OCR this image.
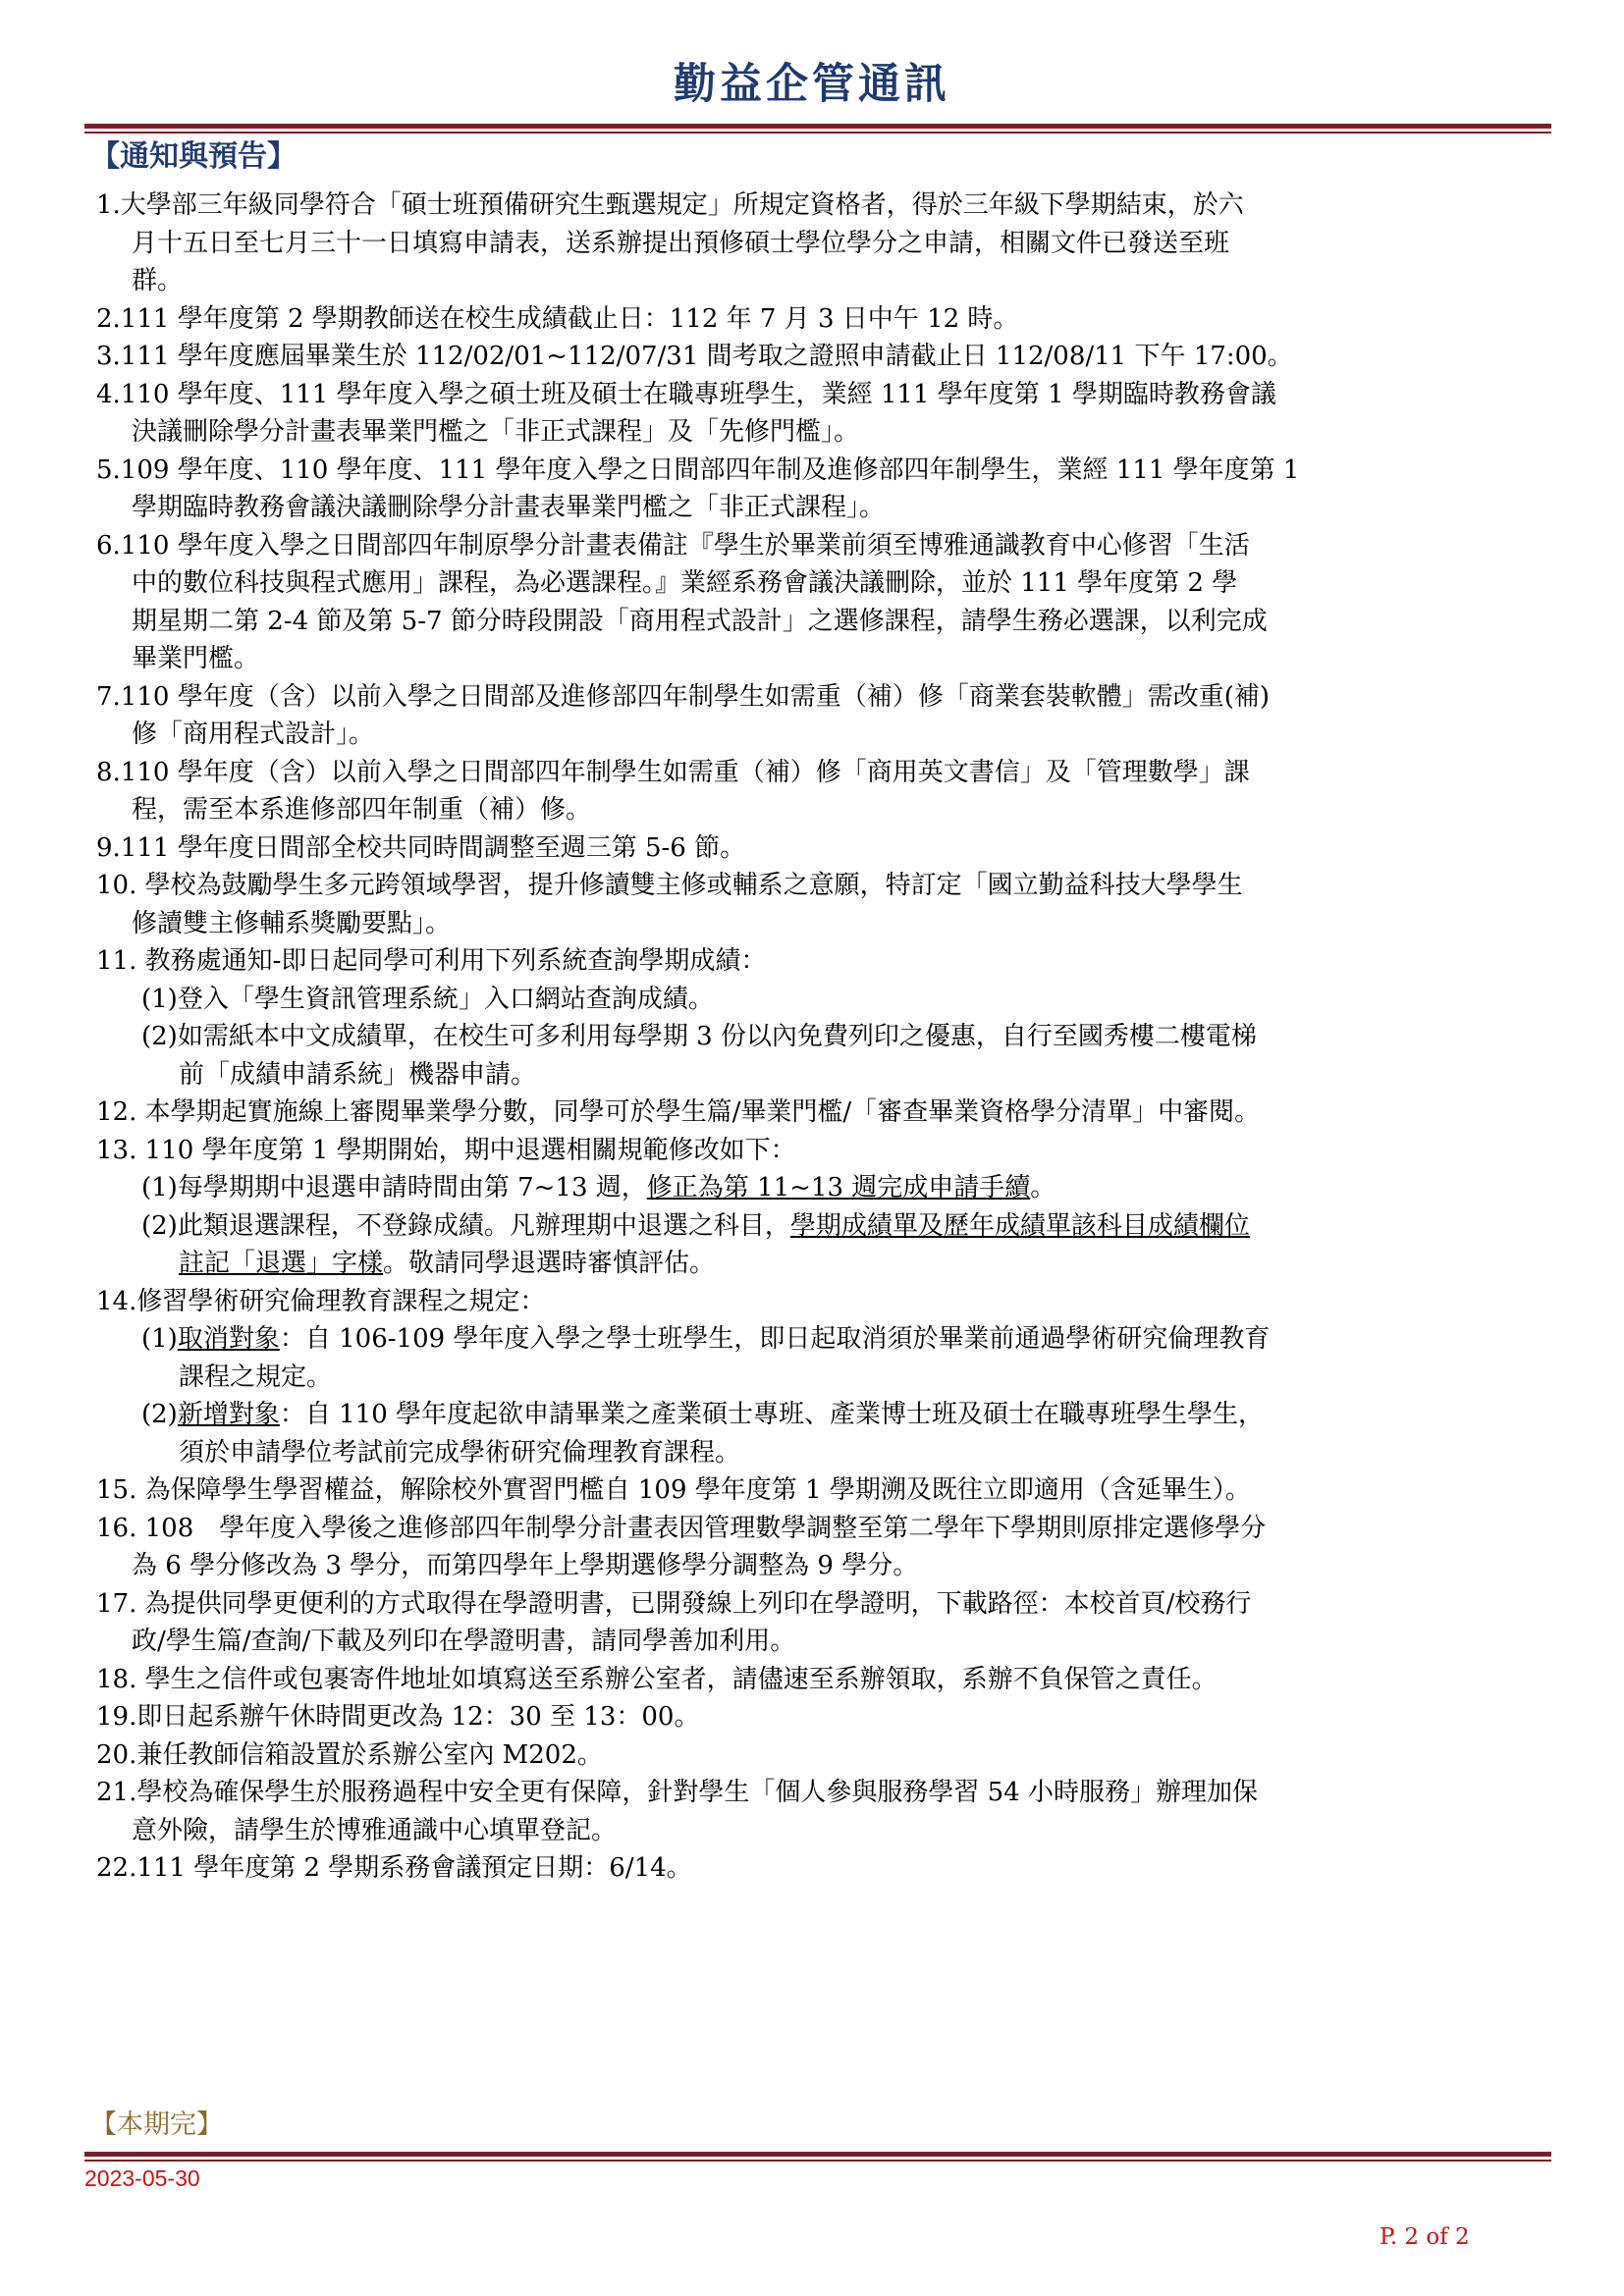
勤益企管通訊
【通知與預告】
1.大學部三年級同學符合「碩士班預備研究生甄選規定」所規定資格者，得於三年級下學期結束，於六
月十五日至七月三十一日填寫申請表，送系辦提出預修碩士學位學分之申請，相關文件已發送至班
群。
2.111 學年度第 2 學期教師送在校生成績截止日：112 年 7 月 3 日中午 12 時。
3.111 學年度應屆畢業生於 112/02/01~112/07/31 間考取之證照申請截止日 112/08/11 下午 17:00。
4.110 學年度、111 學年度入學之碩士班及碩士在職專班學生，業經 111 學年度第 1 學期臨時教務會議
決議刪除學分計畫表畢業門檻之「非正式課程」及「先修門檻」。
5.109 學年度、110 學年度、111 學年度入學之日間部四年制及進修部四年制學生，業經 111 學年度第 1
學期臨時教務會議決議刪除學分計畫表畢業門檻之「非正式課程」。
6.110 學年度入學之日間部四年制原學分計畫表備註『學生於畢業前須至博雅通識教育中心修習「生活
中的數位科技與程式應用」課程，為必選課程。』業經系務會議決議刪除，並於 111 學年度第 2 學
期星期二第 2-4 節及第 5-7 節分時段開設「商用程式設計」之選修課程，請學生務必選課，以利完成
畢業門檻。
7.110 學年度（含）以前入學之日間部及進修部四年制學生如需重（補）修「商業套裝軟體」需改重(補)
修「商用程式設計」。
8.110 學年度（含）以前入學之日間部四年制學生如需重（補）修「商用英文書信」及「管理數學」課
程，需至本系進修部四年制重（補）修。
9.111 學年度日間部全校共同時間調整至週三第 5-6 節。
10. 學校為鼓勵學生多元跨領域學習，提升修讀雙主修或輔系之意願，特訂定「國立勤益科技大學學生
修讀雙主修輔系獎勵要點」。
11. 教務處通知-即日起同學可利用下列系統查詢學期成績：
(1)登入「學生資訊管理系統」入口網站查詢成績。
(2)如需紙本中文成績單，在校生可多利用每學期 3 份以內免費列印之優惠，自行至國秀樓二樓電梯
前「成績申請系統」機器申請。
12. 本學期起實施線上審閱畢業學分數，同學可於學生篇/畢業門檻/「審查畢業資格學分清單」中審閱。
13. 110 學年度第 1 學期開始，期中退選相關規範修改如下：
(1)每學期期中退選申請時間由第 7~13 週，修正為第 11~13 週完成申請手續。
(2)此類退選課程，不登錄成績。凡辦理期中退選之科目，學期成績單及歷年成績單該科目成績欄位
註記「退選」字樣。敬請同學退選時審慎評估。
14.修習學術研究倫理教育課程之規定：
(1)取消對象：自 106-109 學年度入學之學士班學生，即日起取消須於畢業前通過學術研究倫理教育
課程之規定。
(2)新增對象：自 110 學年度起欲申請畢業之產業碩士專班、產業博士班及碩士在職專班學生學生，
須於申請學位考試前完成學術研究倫理教育課程。
15. 為保障學生學習權益，解除校外實習門檻自 109 學年度第 1 學期溯及既往立即適用（含延畢生）。
16. 108　學年度入學後之進修部四年制學分計畫表因管理數學調整至第二學年下學期則原排定選修學分
為 6 學分修改為 3 學分，而第四學年上學期選修學分調整為 9 學分。
17. 為提供同學更便利的方式取得在學證明書，已開發線上列印在學證明，下載路徑：本校首頁/校務行
政/學生篇/查詢/下載及列印在學證明書，請同學善加利用。
18. 學生之信件或包裹寄件地址如填寫送至系辦公室者，請儘速至系辦領取，系辦不負保管之責任。
19.即日起系辦午休時間更改為 12：30 至 13：00。
20.兼任教師信箱設置於系辦公室內 M202。
21.學校為確保學生於服務過程中安全更有保障，針對學生「個人參與服務學習 54 小時服務」辦理加保
意外險，請學生於博雅通識中心填單登記。
22.111 學年度第 2 學期系務會議預定日期：6/14。
【本期完】
2023-05-30
P. 2 of 2
